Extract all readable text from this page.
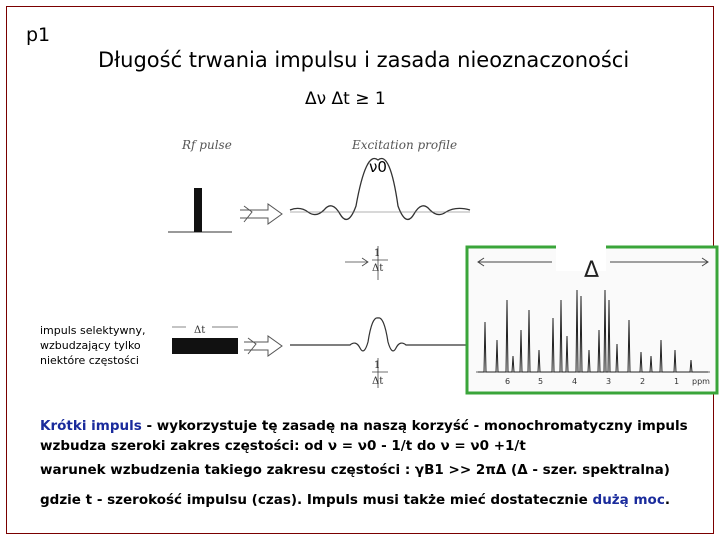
p1
Długość trwania impulsu i zasada nieoznaczoności
Δν Δt ≥ 1
1
Δt
Δt
1
Δt
Rf pulse	Excitation profile
ν0
Δ
6	5	4	3	2	1 ppm
impuls selektywny,
wzbudzający tylko
niektóre częstości
Krótki impuls - wykorzystuje tę zasadę na naszą korzyść - monochromatyczny impuls
wzbudza szeroki zakres częstości: od ν = ν0 - 1/t do ν = ν0 +1/t
warunek wzbudzenia takiego zakresu częstości : γB1 >> 2πΔ (Δ - szer. spektralna)
gdzie t - szerokość impulsu (czas). Impuls musi także mieć dostatecznie dużą moc.
